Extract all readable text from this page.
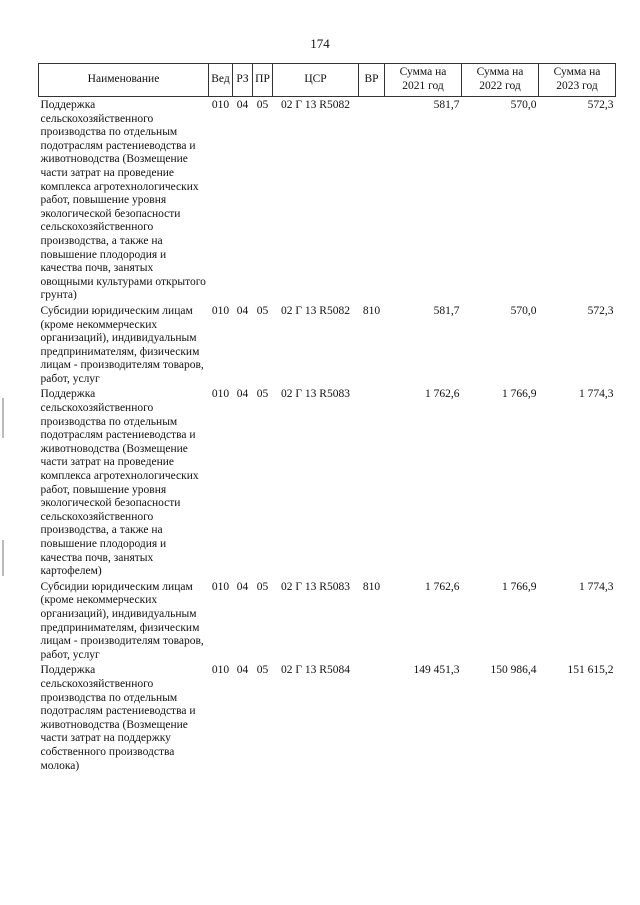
174
Наименование	Вед	РЗ	ПР	ЦСР	ВР	Сумма на 2021 год	Сумма на 2022 год	Сумма на 2023 год
Поддержка сельскохозяйственного производства по отдельным подотраслям растениеводства и животноводства (Возмещение части затрат на проведение комплекса агротехнологических работ, повышение уровня экологической безопасности сельскохозяйственного производства, а также на повышение плодородия и качества почв, занятых овощными культурами открытого грунта)	010	04	05	02 Г 13 R5082		581,7	570,0	572,3
Субсидии юридическим лицам (кроме некоммерческих организаций), индивидуальным предпринимателям, физическим лицам - производителям товаров, работ, услуг	010	04	05	02 Г 13 R5082	810	581,7	570,0	572,3
Поддержка сельскохозяйственного производства по отдельным подотраслям растениеводства и животноводства (Возмещение части затрат на проведение комплекса агротехнологических работ, повышение уровня экологической безопасности сельскохозяйственного производства, а также на повышение плодородия и качества почв, занятых картофелем)	010	04	05	02 Г 13 R5083		1 762,6	1 766,9	1 774,3
Субсидии юридическим лицам (кроме некоммерческих организаций), индивидуальным предпринимателям, физическим лицам - производителям товаров, работ, услуг	010	04	05	02 Г 13 R5083	810	1 762,6	1 766,9	1 774,3
Поддержка сельскохозяйственного производства по отдельным подотраслям растениеводства и животноводства (Возмещение части затрат на поддержку собственного производства молока)	010	04	05	02 Г 13 R5084		149 451,3	150 986,4	151 615,2
